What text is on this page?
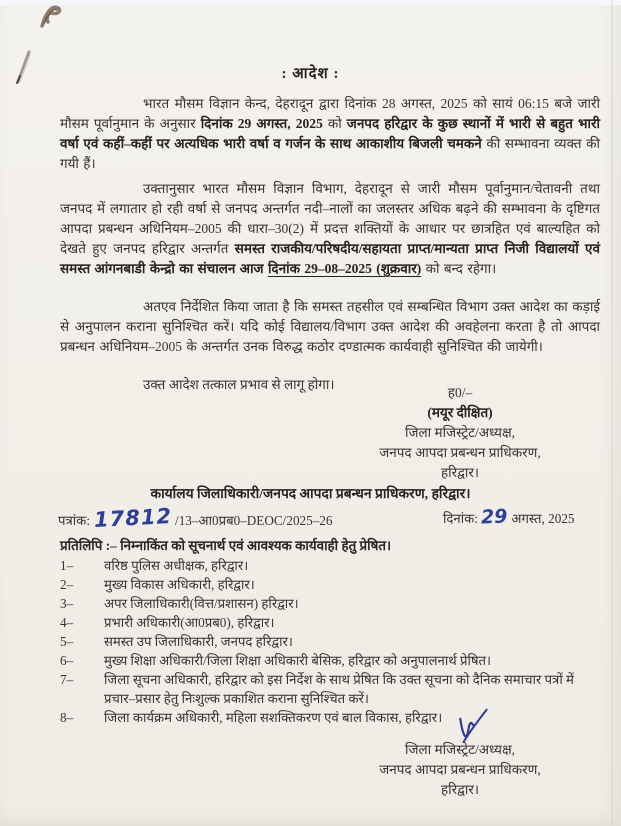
: आदेश :

भारत मौसम विज्ञान केन्द, देहरादून द्वारा दिनांक 28 अगस्त, 2025 को सायं 06:15 बजे जारी मौसम पूर्वानुमान के अनुसार दिनांक 29 अगस्त, 2025 को जनपद हरिद्वार के कुछ स्थानों में भारी से बहुत भारी वर्षा एवं कहीं–कहीं पर अत्यधिक भारी वर्षा व गर्जन के साथ आकाशीय बिजली चमकने की सम्भावना व्यक्त की गयी हैं।

उक्तानुसार भारत मौसम विज्ञान विभाग, देहरादून से जारी मौसम पूर्वानुमान/चेतावनी तथा जनपद में लगातार हो रही वर्षा से जनपद अन्तर्गत नदी–नालों का जलस्तर अधिक बढ़ने की सम्भावना के दृष्टिगत आपदा प्रबन्धन अधिनियम–2005 की धारा–30(2) में प्रदत्त शक्तियों के आधार पर छात्रहित एवं बाल्यहित को देखते हुए जनपद हरिद्वार अन्तर्गत समस्त राजकीय/परिषदीय/सहायता प्राप्त/मान्यता प्राप्त निजी विद्यालयों एवं समस्त आंगनबाडी केन्द्रो का संचालन आज दिनांक 29–08–2025 (शुक्रवार) को बन्द रहेगा।

अतएव निर्देशित किया जाता है कि समस्त तहसील एवं सम्बन्धित विभाग उक्त आदेश का कड़ाई से अनुपालन कराना सुनिश्चित करें। यदि कोई विद्यालय/विभाग उक्त आदेश की अवहेलना करता है तो आपदा प्रबन्धन अधिनियम–2005 के अन्तर्गत उनक विरुद्ध कठोर दण्डात्मक कार्यवाही सुनिश्चित की जायेगी।

उक्त आदेश तत्काल प्रभाव से लागू होगा।

ह0/–
(मयूर दीक्षित)
जिला मजिस्ट्रेट/अध्यक्ष,
जनपद आपदा प्रबन्धन प्राधिकरण,
हरिद्वार।
कार्यालय जिलाधिकारी/जनपद आपदा प्रबन्धन प्राधिकरण, हरिद्वार।
पत्रांक: 17812 /13–आ0प्रब0–DEOC/2025–26	दिनांक: 29 अगस्त, 2025
प्रतिलिपि :– निम्नाकिंत को सूचनार्थ एवं आवश्यक कार्यवाही हेतु प्रेषित।
1–	वरिष्ठ पुलिस अधीक्षक, हरिद्वार।
2–	मुख्य विकास अधिकारी, हरिद्वार।
3–	अपर जिलाधिकारी(वित्त/प्रशासन) हरिद्वार।
4–	प्रभारी अधिकारी(आ0प्रब0), हरिद्वार।
5–	समस्त उप जिलाधिकारी, जनपद हरिद्वार।
6–	मुख्य शिक्षा अधिकारी/जिला शिक्षा अधिकारी बेसिक, हरिद्वार को अनुपालनार्थ प्रेषित।
7–	जिला सूचना अधिकारी, हरिद्वार को इस निर्देश के साथ प्रेषित कि उक्त सूचना को दैनिक समाचार पत्रों में प्रचार–प्रसार हेतु निःशुल्क प्रकाशित कराना सुनिश्चित करें।
8–	जिला कार्यक्रम अधिकारी, महिला सशक्तिकरण एवं बाल विकास, हरिद्वार।
जिला मजिस्ट्रेट/अध्यक्ष,
जनपद आपदा प्रबन्धन प्राधिकरण,
हरिद्वार।
